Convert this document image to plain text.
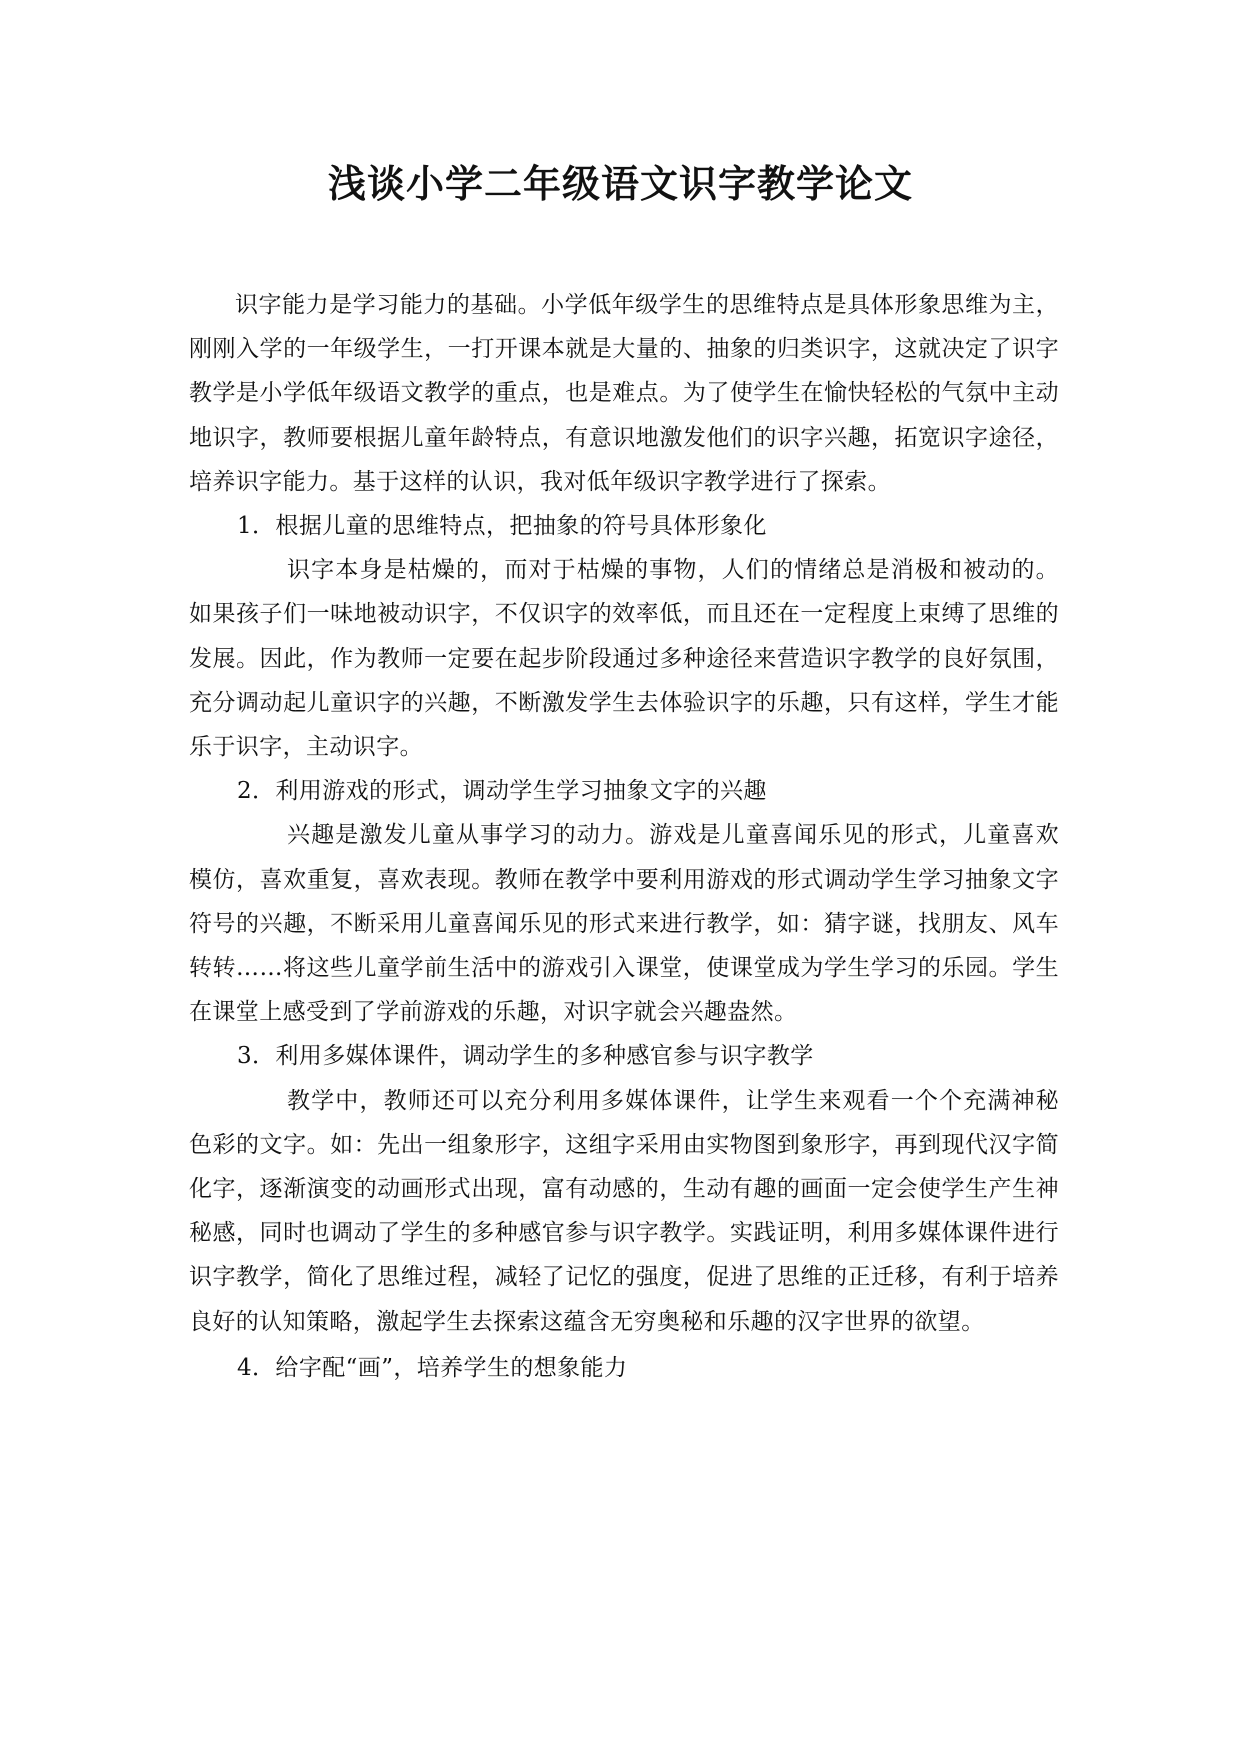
浅谈小学二年级语文识字教学论文

识字能力是学习能力的基础。小学低年级学生的思维特点是具体形象思维为主，刚刚入学的一年级学生，一打开课本就是大量的、抽象的归类识字，这就决定了识字教学是小学低年级语文教学的重点，也是难点。为了使学生在愉快轻松的气氛中主动地识字，教师要根据儿童年龄特点，有意识地激发他们的识字兴趣，拓宽识字途径，培养识字能力。基于这样的认识，我对低年级识字教学进行了探索。

1．根据儿童的思维特点，把抽象的符号具体形象化

识字本身是枯燥的，而对于枯燥的事物，人们的情绪总是消极和被动的。如果孩子们一味地被动识字，不仅识字的效率低，而且还在一定程度上束缚了思维的发展。因此，作为教师一定要在起步阶段通过多种途径来营造识字教学的良好氛围，充分调动起儿童识字的兴趣，不断激发学生去体验识字的乐趣，只有这样，学生才能乐于识字，主动识字。

2．利用游戏的形式，调动学生学习抽象文字的兴趣

兴趣是激发儿童从事学习的动力。游戏是儿童喜闻乐见的形式，儿童喜欢模仿，喜欢重复，喜欢表现。教师在教学中要利用游戏的形式调动学生学习抽象文字符号的兴趣，不断采用儿童喜闻乐见的形式来进行教学，如：猜字谜，找朋友、风车转转……将这些儿童学前生活中的游戏引入课堂，使课堂成为学生学习的乐园。学生在课堂上感受到了学前游戏的乐趣，对识字就会兴趣盎然。

3．利用多媒体课件，调动学生的多种感官参与识字教学

教学中，教师还可以充分利用多媒体课件，让学生来观看一个个充满神秘色彩的文字。如：先出一组象形字，这组字采用由实物图到象形字，再到现代汉字简化字，逐渐演变的动画形式出现，富有动感的，生动有趣的画面一定会使学生产生神秘感，同时也调动了学生的多种感官参与识字教学。实践证明，利用多媒体课件进行识字教学，简化了思维过程，减轻了记忆的强度，促进了思维的正迁移，有利于培养良好的认知策略，激起学生去探索这蕴含无穷奥秘和乐趣的汉字世界的欲望。

4．给字配“画”，培养学生的想象能力
